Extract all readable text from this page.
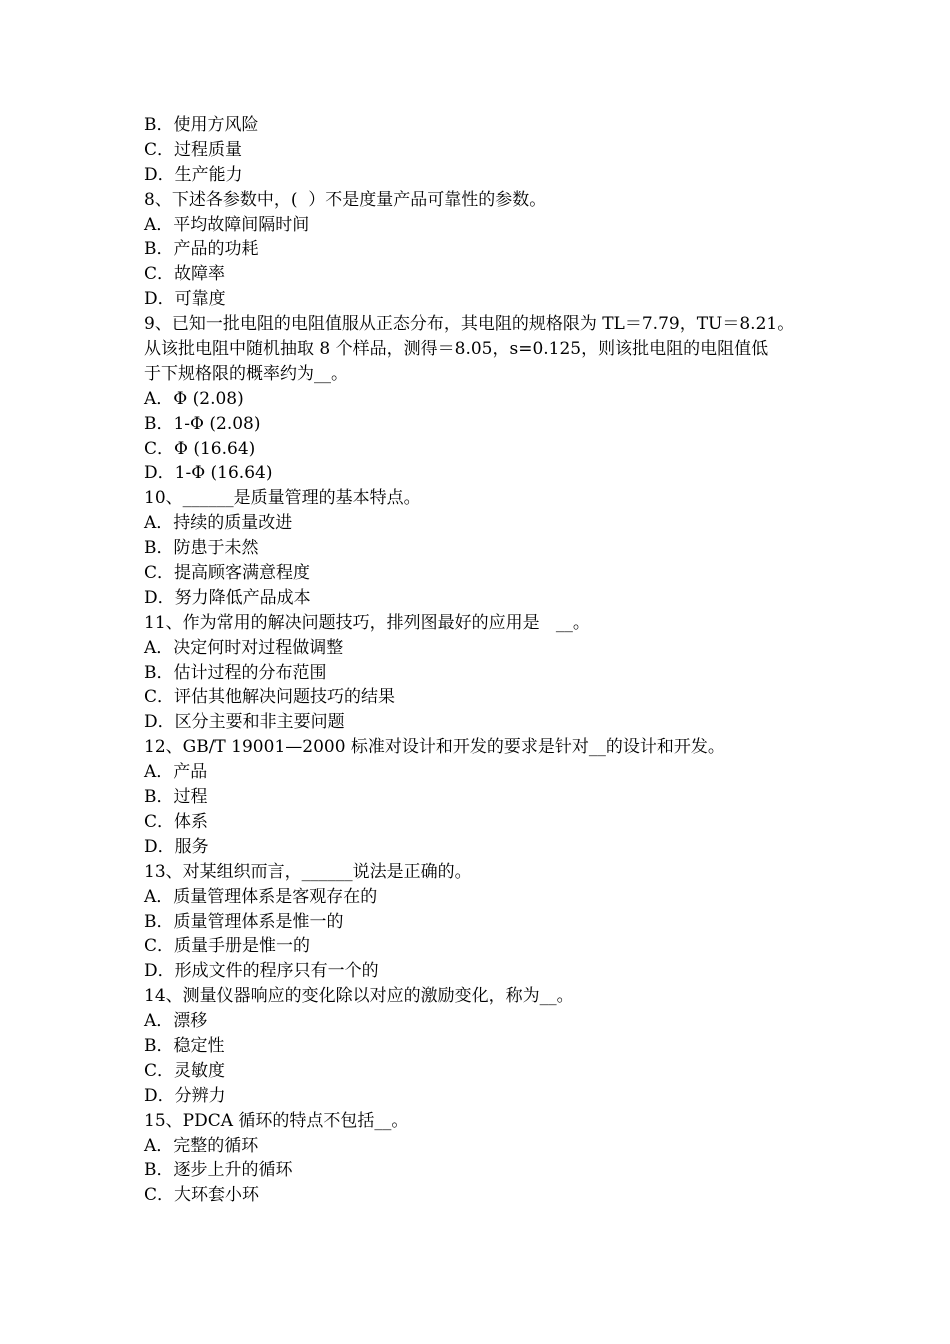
B．使用方风险
C．过程质量
D．生产能力
8、下述各参数中，(  ）不是度量产品可靠性的参数。
A．平均故障间隔时间
B．产品的功耗
C．故障率
D．可靠度
9、已知一批电阻的电阻值服从正态分布，其电阻的规格限为 TL＝7.79，TU＝8.21。
从该批电阻中随机抽取 8 个样品，测得＝8.05，s=0.125，则该批电阻的电阻值低
于下规格限的概率约为__。
A．Φ (2.08)
B．1-Φ (2.08)
C．Φ (16.64)
D．1-Φ (16.64)
10、______是质量管理的基本特点。
A．持续的质量改进
B．防患于未然
C．提高顾客满意程度
D．努力降低产品成本
11、作为常用的解决问题技巧，排列图最好的应用是   __。
A．决定何时对过程做调整
B．估计过程的分布范围
C．评估其他解决问题技巧的结果
D．区分主要和非主要问题
12、GB/T 19001—2000 标准对设计和开发的要求是针对__的设计和开发。
A．产品
B．过程
C．体系
D．服务
13、对某组织而言，______说法是正确的。
A．质量管理体系是客观存在的
B．质量管理体系是惟一的
C．质量手册是惟一的
D．形成文件的程序只有一个的
14、测量仪器响应的变化除以对应的激励变化，称为__。
A．漂移
B．稳定性
C．灵敏度
D．分辨力
15、PDCA 循环的特点不包括__。
A．完整的循环
B．逐步上升的循环
C．大环套小环
